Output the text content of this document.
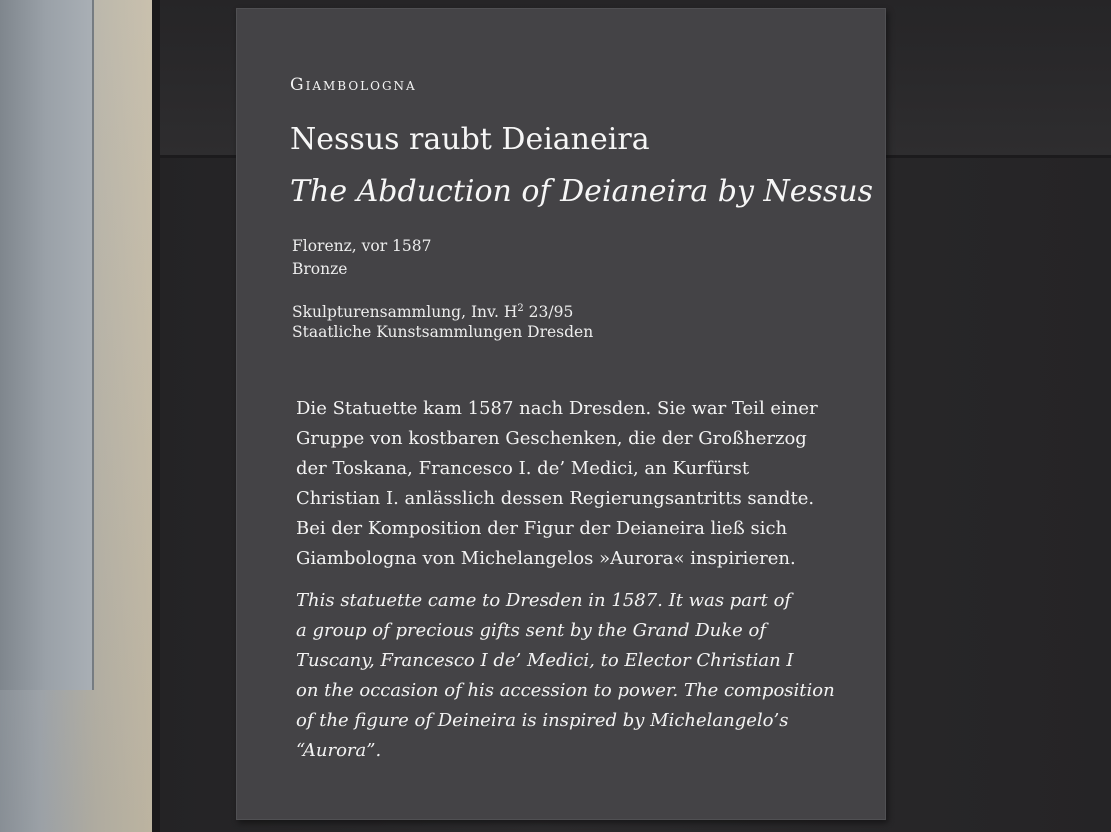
Giambologna
Nessus raubt Deianeira
The Abduction of Deianeira by Nessus
Florenz, vor 1587
Bronze
Skulpturensammlung, Inv. $H^2$ 23/95
Staatliche Kunstsammlungen Dresden
Die Statuette kam 1587 nach Dresden. Sie war Teil einer
Gruppe von kostbaren Geschenken, die der Großherzog
der Toskana, Francesco I. de’ Medici, an Kurfürst
Christian I. anlässlich dessen Regierungsantritts sandte.
Bei der Komposition der Figur der Deianeira ließ sich
Giambologna von Michelangelos »Aurora« inspirieren.
This statuette came to Dresden in 1587. It was part of
a group of precious gifts sent by the Grand Duke of
Tuscany, Francesco I de’ Medici, to Elector Christian I
on the occasion of his accession to power. The composition
of the figure of Deineira is inspired by Michelangelo’s
“Aurora”.
